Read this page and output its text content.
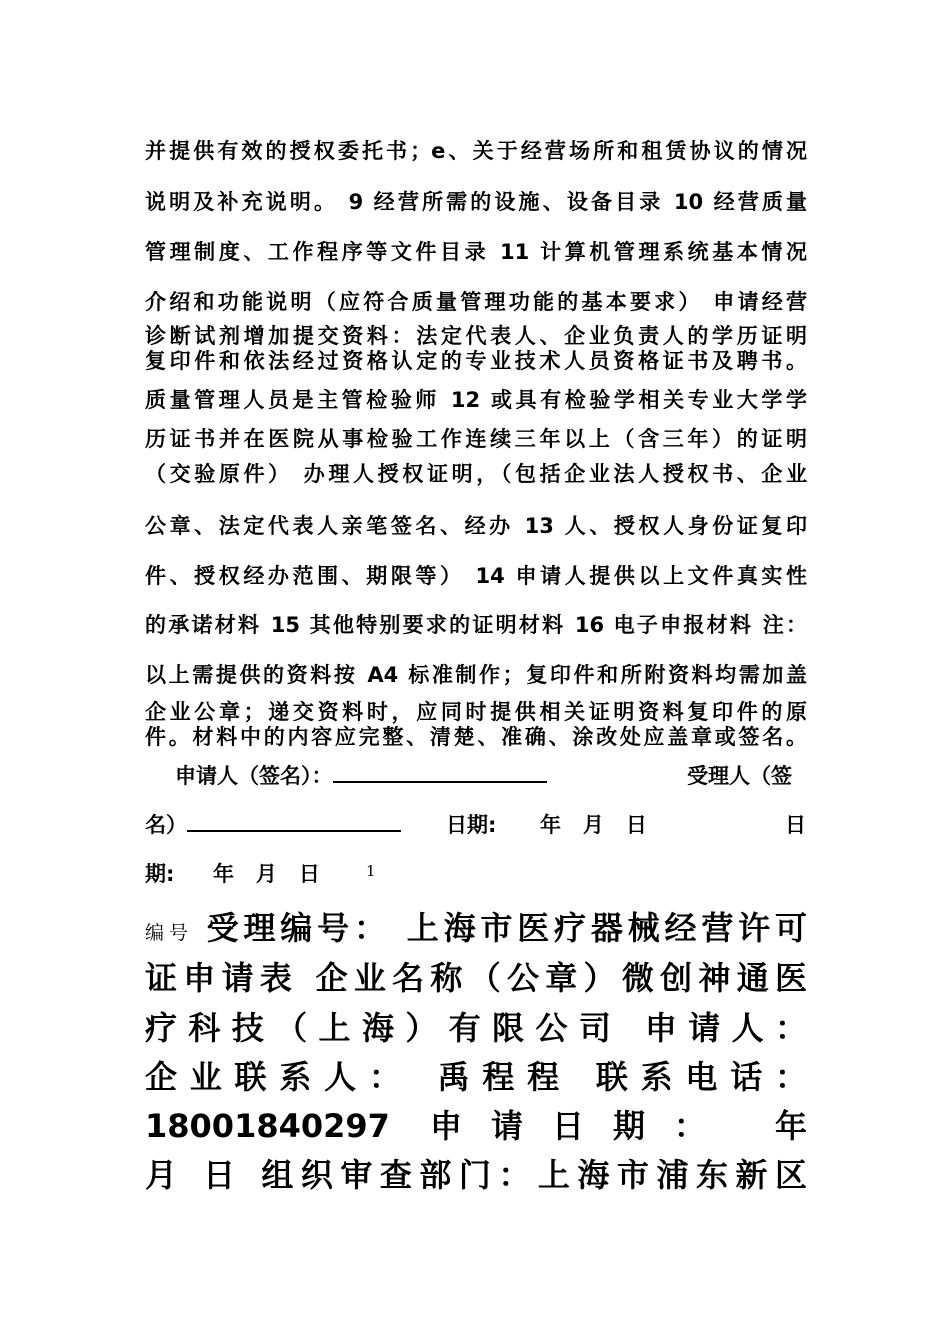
并提供有效的授权委托书；e、关于经营场所和租赁协议的情况
说明及补充说明。 9 经营所需的设施、设备目录 10 经营质量
管理制度、工作程序等文件目录 11 计算机管理系统基本情况
介绍和功能说明（应符合质量管理功能的基本要求） 申请经营
诊断试剂增加提交资料：法定代表人、企业负责人的学历证明
复印件和依法经过资格认定的专业技术人员资格证书及聘书。
质量管理人员是主管检验师 12 或具有检验学相关专业大学学
历证书并在医院从事检验工作连续三年以上（含三年）的证明
（交验原件） 办理人授权证明，（包括企业法人授权书、企业
公章、法定代表人亲笔签名、经办 13 人、授权人身份证复印
件、授权经办范围、期限等） 14 申请人提供以上文件真实性
的承诺材料 15 其他特别要求的证明材料 16 电子申报材料 注：
以上需提供的资料按 A4 标准制作；复印件和所附资料均需加盖
企业公章；递交资料时，应同时提供相关证明资料复印件的原
件。材料中的内容应完整、清楚、准确、涂改处应盖章或签名。
申请人（签名）：	受理人（签
名）	日期: 年   月   日	日
期: 年   月   日	1
编号 受理编号： 上海市医疗器械经营许可
证申请表 企业名称（公章）微创神通医
疗科技（上海）有限公司 申请人：
企业联系人： 禹程程 联系电话：
18001840297 申请日期： 年
月 日 组织审查部门：上海市浦东新区
